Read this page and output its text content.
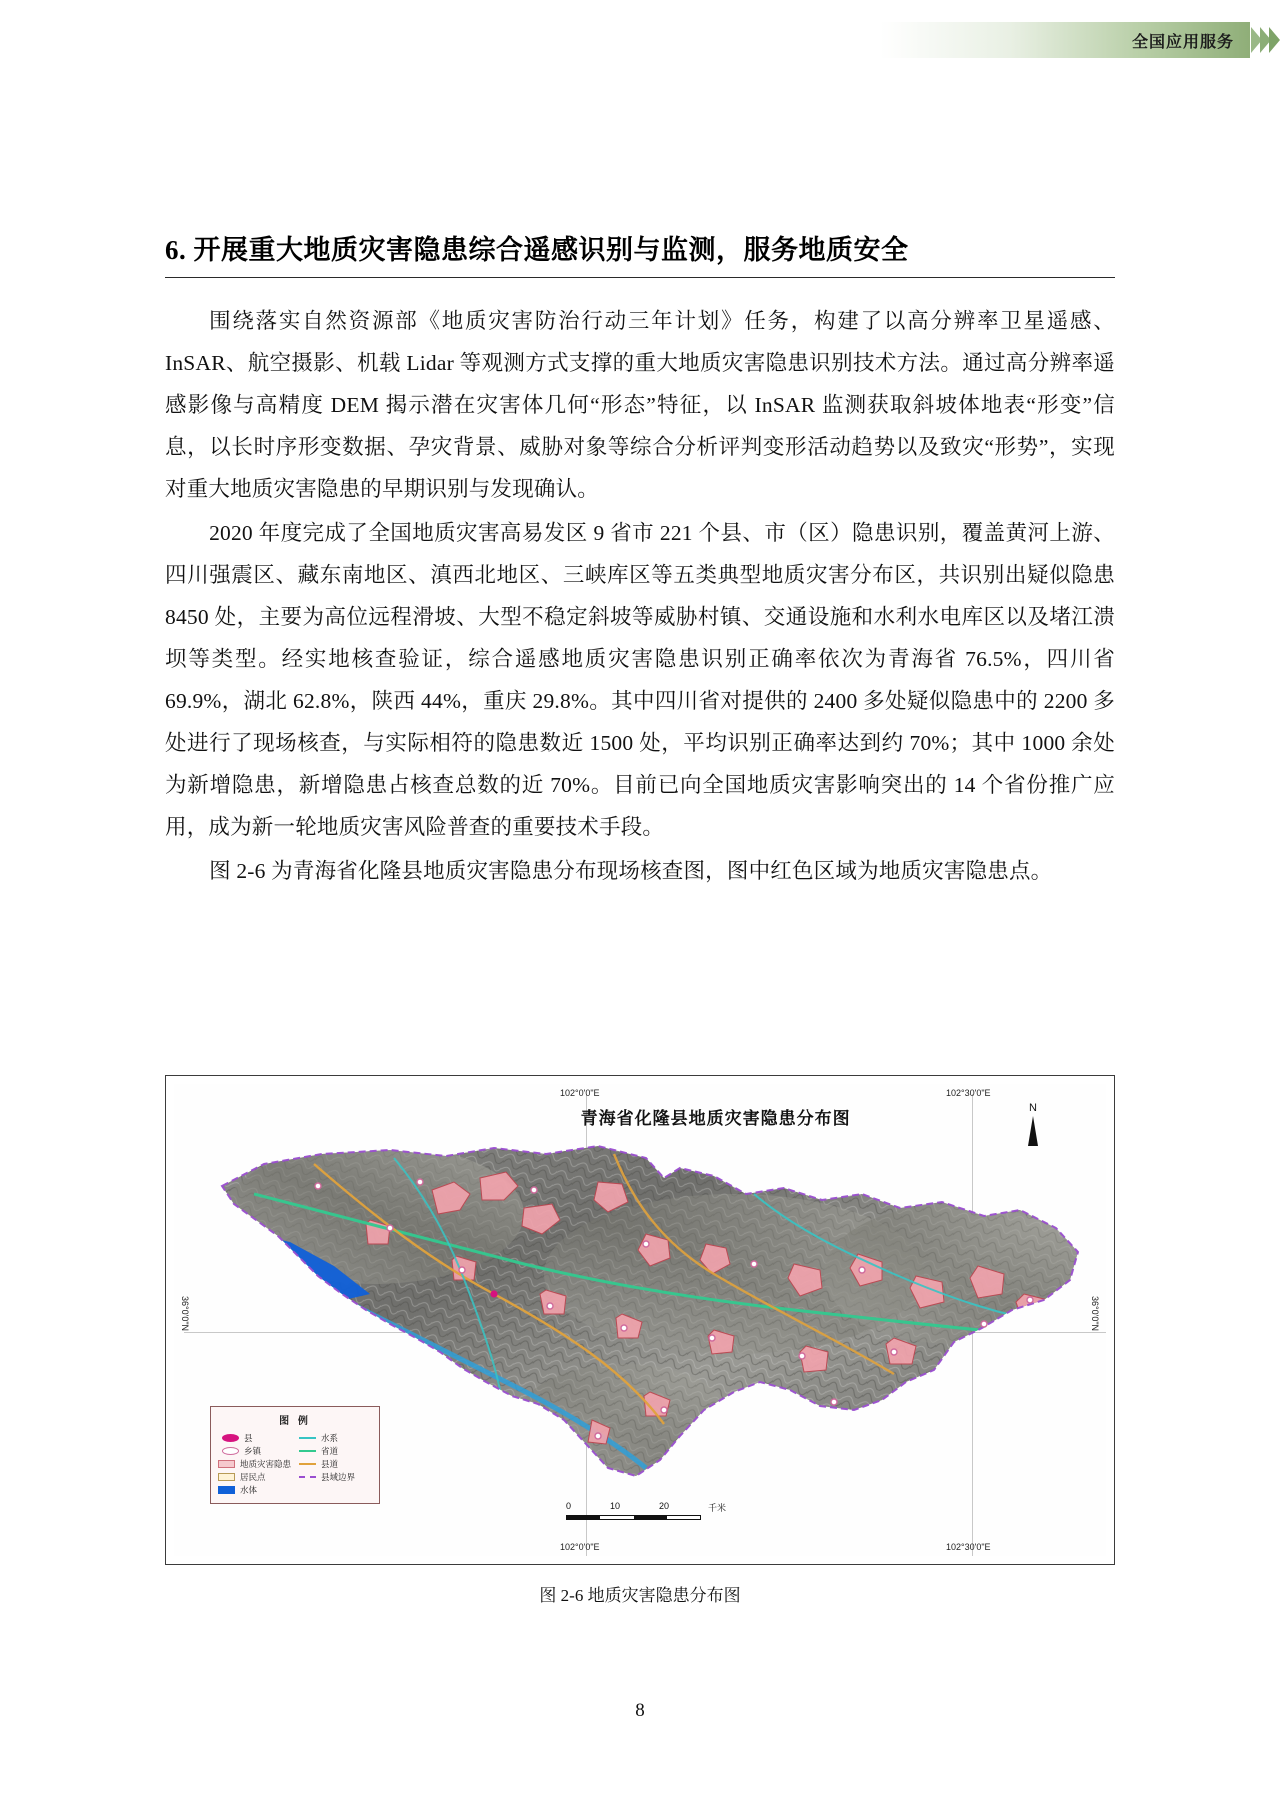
全国应用服务
6. 开展重大地质灾害隐患综合遥感识别与监测，服务地质安全

围绕落实自然资源部《地质灾害防治行动三年计划》任务，构建了以高分辨率卫星遥感、InSAR、航空摄影、机载 Lidar 等观测方式支撑的重大地质灾害隐患识别技术方法。通过高分辨率遥感影像与高精度 DEM 揭示潜在灾害体几何“形态”特征，以 InSAR 监测获取斜坡体地表“形变”信息，以长时序形变数据、孕灾背景、威胁对象等综合分析评判变形活动趋势以及致灾“形势”，实现对重大地质灾害隐患的早期识别与发现确认。

2020 年度完成了全国地质灾害高易发区 9 省市 221 个县、市（区）隐患识别，覆盖黄河上游、四川强震区、藏东南地区、滇西北地区、三峡库区等五类典型地质灾害分布区，共识别出疑似隐患 8450 处，主要为高位远程滑坡、大型不稳定斜坡等威胁村镇、交通设施和水利水电库区以及堵江溃坝等类型。经实地核查验证，综合遥感地质灾害隐患识别正确率依次为青海省 76.5%，四川省 69.9%，湖北 62.8%，陕西 44%，重庆 29.8%。其中四川省对提供的 2400 多处疑似隐患中的 2200 多处进行了现场核查，与实际相符的隐患数近 1500 处，平均识别正确率达到约 70%；其中 1000 余处为新增隐患，新增隐患占核查总数的近 70%。目前已向全国地质灾害影响突出的 14 个省份推广应用，成为新一轮地质灾害风险普查的重要技术手段。

图 2-6 为青海省化隆县地质灾害隐患分布现场核查图，图中红色区域为地质灾害隐患点。

青海省化隆县地质灾害隐患分布图
N
102°0'0"E	102°30'0"E
102°0'0"E	102°30'0"E
36°0'0"N	36°0'0"N
图 例
县
乡镇
地质灾害隐患
居民点
水体
水系
省道
县道
县域边界
0	10	20	千米
图 2-6 地质灾害隐患分布图
8
